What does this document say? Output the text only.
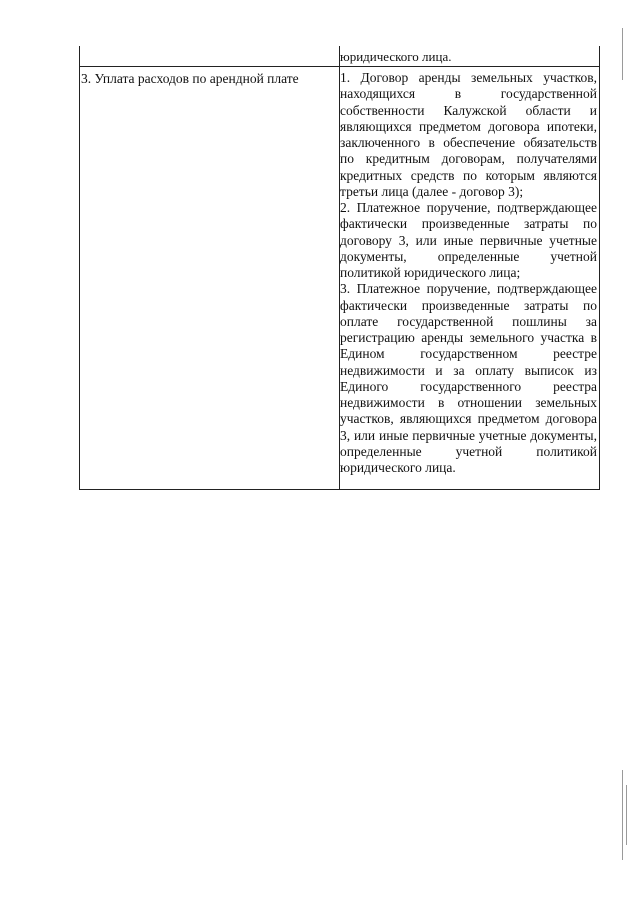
юридического лица.
3. Уплата расходов по арендной плате	1. Договор аренды земельных участков, находящихся в государственной собственности Калужской области и являющихся предметом договора ипотеки, заключенного в обеспечение обязательств по кредитным договорам, получателями кредитных средств по которым являются третьи лица (далее - договор 3);
2. Платежное поручение, подтверждающее фактически произведенные затраты по договору 3, или иные первичные учетные документы, определенные учетной политикой юридического лица;
3. Платежное поручение, подтверждающее фактически произведенные затраты по оплате государственной пошлины за регистрацию аренды земельного участка в Едином государственном реестре недвижимости и за оплату выписок из Единого государственного реестра недвижимости в отношении земельных участков, являющихся предметом договора 3, или иные первичные учетные документы, определенные учетной политикой юридического лица.
